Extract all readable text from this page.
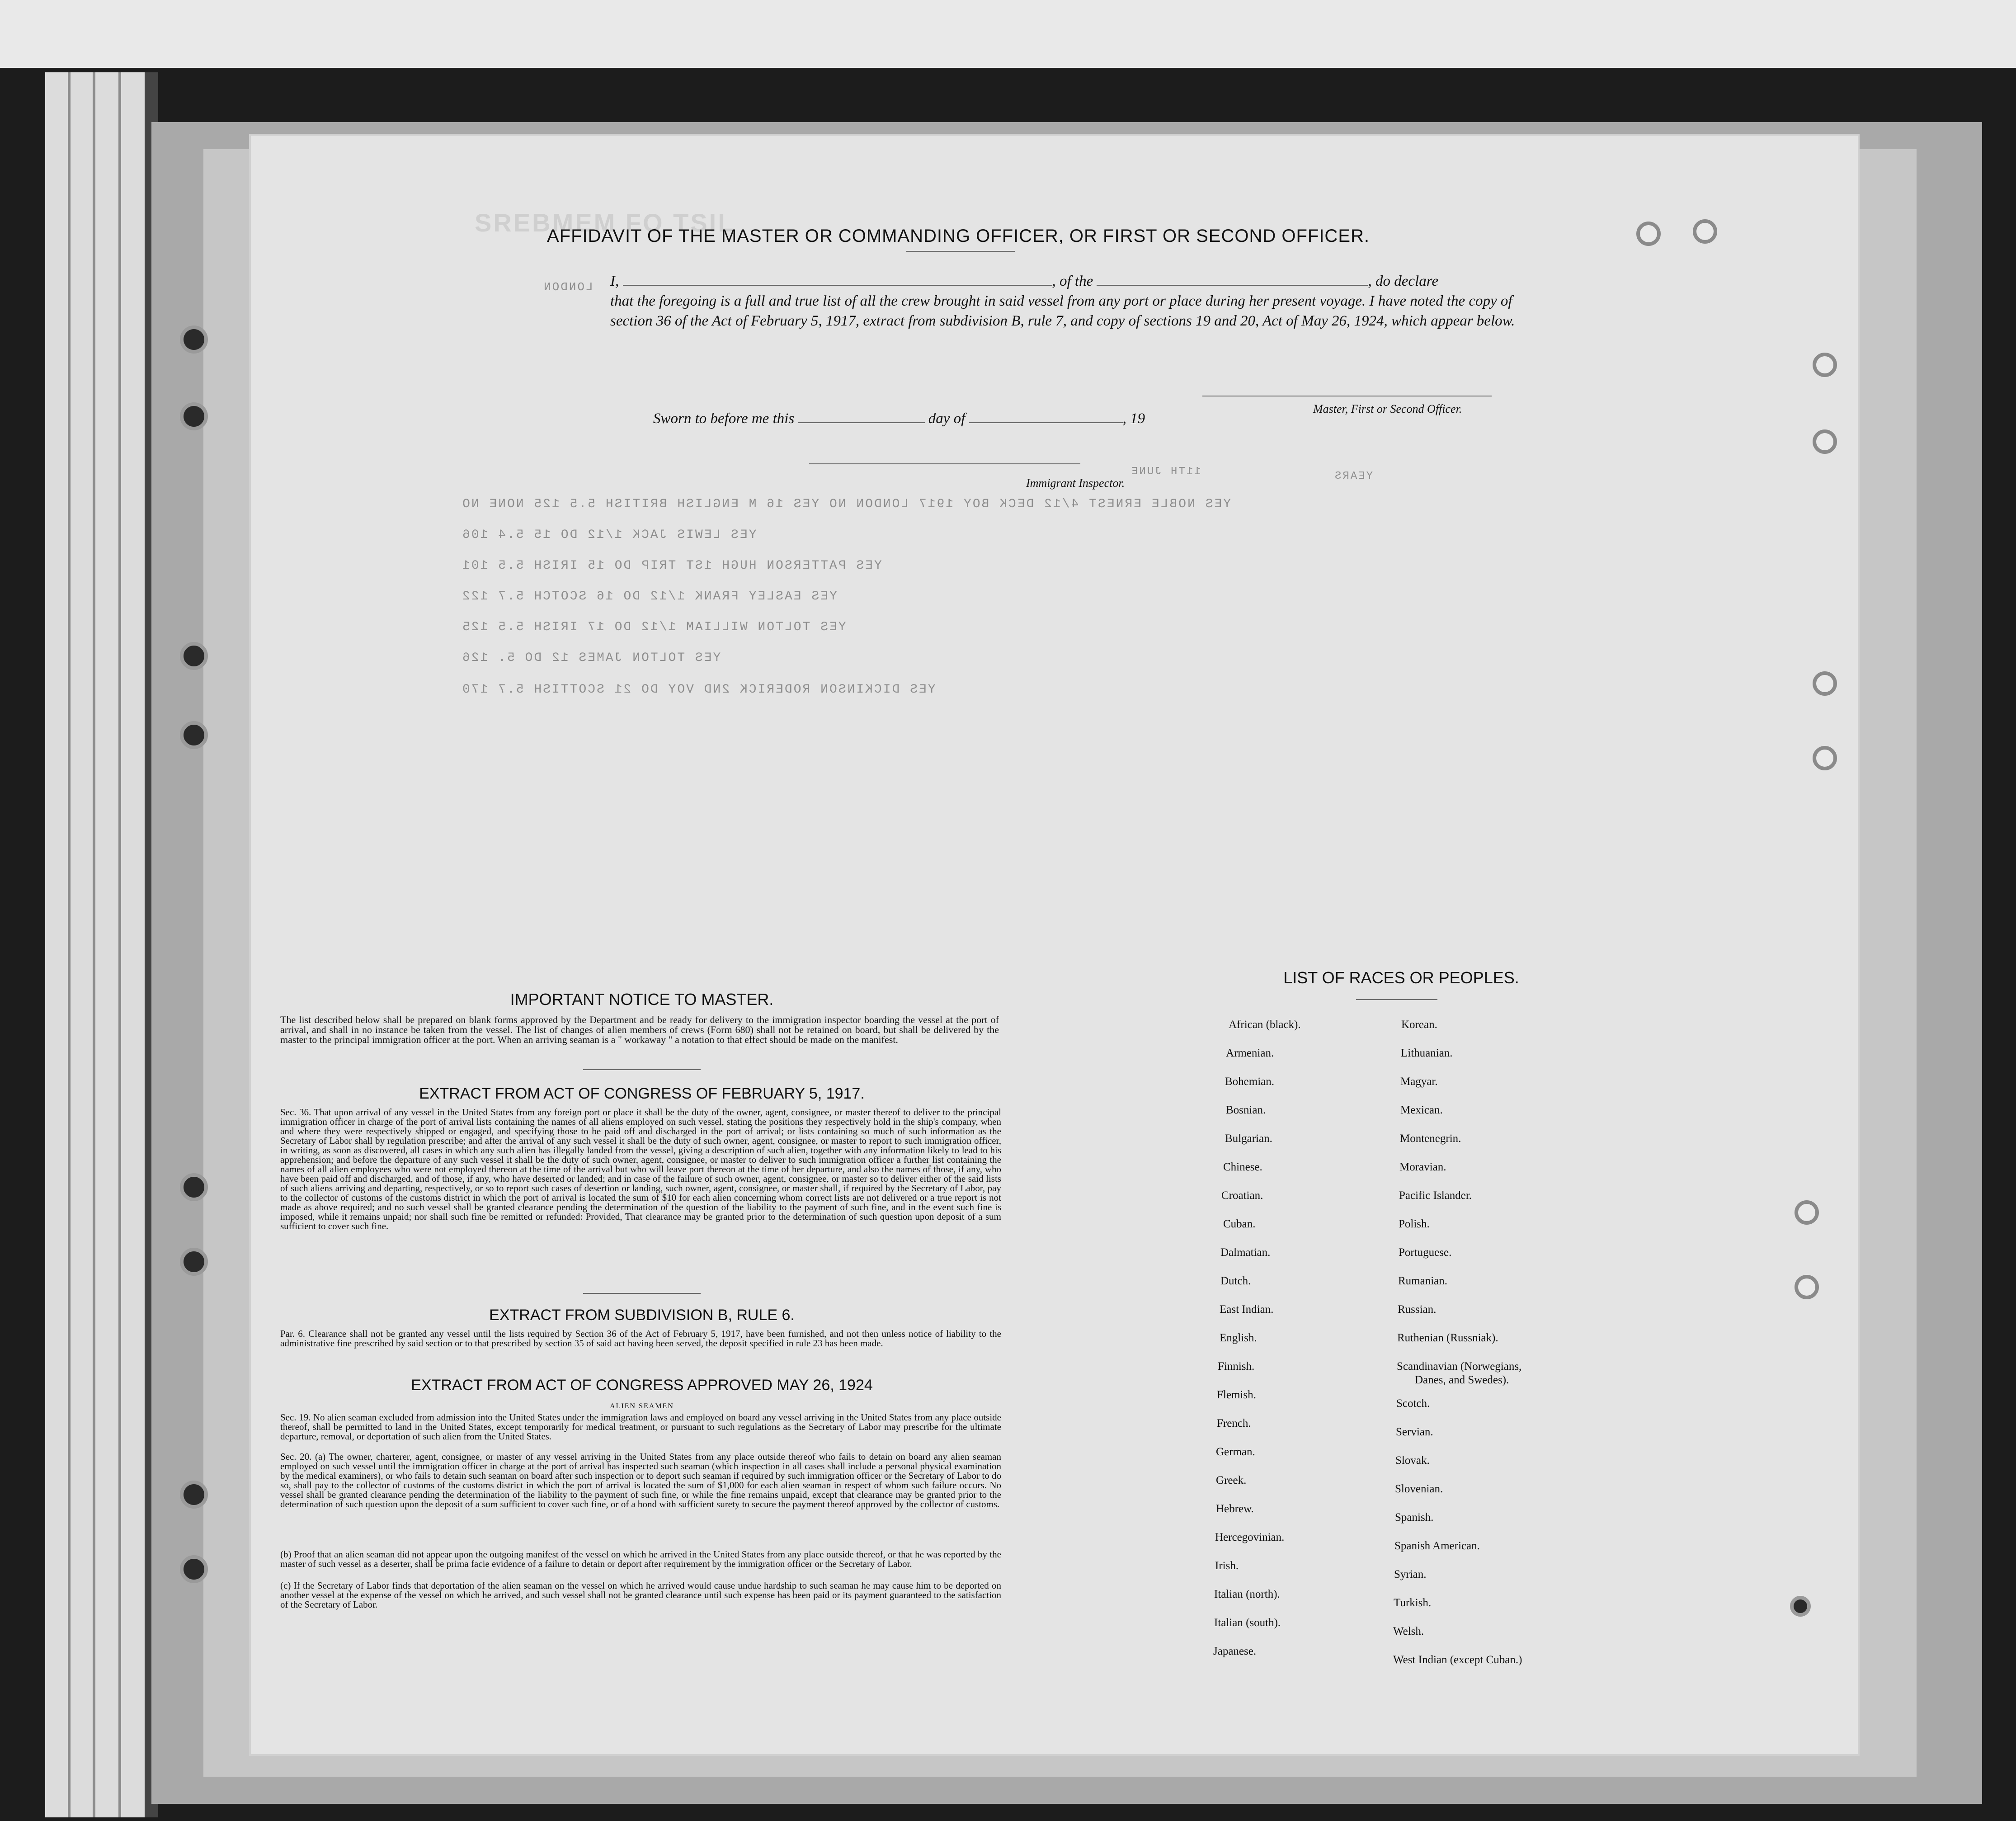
SREBMEM FO TSIL
AFFIDAVIT OF THE MASTER OR COMMANDING OFFICER, OR FIRST OR SECOND OFFICER.
I,	, of the	, do declare
that the foregoing is a full and true list of all the crew brought in said vessel from any port or place during her present voyage. I have noted the copy of section 36 of the Act of February 5, 1917, extract from subdivision B, rule 7, and copy of sections 19 and 20, Act of May 26, 1924, which appear below.
Sworn to before me this	day of	, 19
Master, First or Second Officer.
Immigrant Inspector.
LONDON
YEARS
11TH JUNE
YES NOBLE ERNEST 4/12 DECK BOY 1917 LONDON NO YES 16 M ENGLISH BRITISH 5.5 125 NONE NO
YES LEWIS JACK 1/12 DO 15 5.4 106
YES PATTERSON HUGH 1ST TRIP DO 15 IRISH 5.5 101
YES EASLEY FRANK 1/12 DO 16 SCOTCH 5.7 122
YES TOLTON WILLIAM 1/12 DO 17 IRISH 5.5 125
YES TOLTON JAMES 12 DO 5. 126
YES DICKINSON RODERICK 2ND VOY DO 21 SCOTTISH 5.7 170
IMPORTANT NOTICE TO MASTER.
The list described below shall be prepared on blank forms approved by the Department and be ready for delivery to the immigration inspector boarding the vessel at the port of arrival, and shall in no instance be taken from the vessel. The list of changes of alien members of crews (Form 680) shall not be retained on board, but shall be delivered by the master to the principal immigration officer at the port. When an arriving seaman is a " workaway " a notation to that effect should be made on the manifest.
EXTRACT FROM ACT OF CONGRESS OF FEBRUARY 5, 1917.
Sec. 36. That upon arrival of any vessel in the United States from any foreign port or place it shall be the duty of the owner, agent, consignee, or master thereof to deliver to the principal immigration officer in charge of the port of arrival lists containing the names of all aliens employed on such vessel, stating the positions they respectively hold in the ship's company, when and where they were respectively shipped or engaged, and specifying those to be paid off and discharged in the port of arrival; or lists containing so much of such information as the Secretary of Labor shall by regulation prescribe; and after the arrival of any such vessel it shall be the duty of such owner, agent, consignee, or master to report to such immigration officer, in writing, as soon as discovered, all cases in which any such alien has illegally landed from the vessel, giving a description of such alien, together with any information likely to lead to his apprehension; and before the departure of any such vessel it shall be the duty of such owner, agent, consignee, or master to deliver to such immigration officer a further list containing the names of all alien employees who were not employed thereon at the time of the arrival but who will leave port thereon at the time of her departure, and also the names of those, if any, who have been paid off and discharged, and of those, if any, who have deserted or landed; and in case of the failure of such owner, agent, consignee, or master so to deliver either of the said lists of such aliens arriving and departing, respectively, or so to report such cases of desertion or landing, such owner, agent, consignee, or master shall, if required by the Secretary of Labor, pay to the collector of customs of the customs district in which the port of arrival is located the sum of $10 for each alien concerning whom correct lists are not delivered or a true report is not made as above required; and no such vessel shall be granted clearance pending the determination of the question of the liability to the payment of such fine, and in the event such fine is imposed, while it remains unpaid; nor shall such fine be remitted or refunded: Provided, That clearance may be granted prior to the determination of such question upon deposit of a sum sufficient to cover such fine.
EXTRACT FROM SUBDIVISION B, RULE 6.
Par. 6. Clearance shall not be granted any vessel until the lists required by Section 36 of the Act of February 5, 1917, have been furnished, and not then unless notice of liability to the administrative fine prescribed by said section or to that prescribed by section 35 of said act having been served, the deposit specified in rule 23 has been made.
EXTRACT FROM ACT OF CONGRESS APPROVED MAY 26, 1924
ALIEN SEAMEN
Sec. 19. No alien seaman excluded from admission into the United States under the immigration laws and employed on board any vessel arriving in the United States from any place outside thereof, shall be permitted to land in the United States, except temporarily for medical treatment, or pursuant to such regulations as the Secretary of Labor may prescribe for the ultimate departure, removal, or deportation of such alien from the United States.
Sec. 20. (a) The owner, charterer, agent, consignee, or master of any vessel arriving in the United States from any place outside thereof who fails to detain on board any alien seaman employed on such vessel until the immigration officer in charge at the port of arrival has inspected such seaman (which inspection in all cases shall include a personal physical examination by the medical examiners), or who fails to detain such seaman on board after such inspection or to deport such seaman if required by such immigration officer or the Secretary of Labor to do so, shall pay to the collector of customs of the customs district in which the port of arrival is located the sum of $1,000 for each alien seaman in respect of whom such failure occurs. No vessel shall be granted clearance pending the determination of the liability to the payment of such fine, or while the fine remains unpaid, except that clearance may be granted prior to the determination of such question upon the deposit of a sum sufficient to cover such fine, or of a bond with sufficient surety to secure the payment thereof approved by the collector of customs.
(b) Proof that an alien seaman did not appear upon the outgoing manifest of the vessel on which he arrived in the United States from any place outside thereof, or that he was reported by the master of such vessel as a deserter, shall be prima facie evidence of a failure to detain or deport after requirement by the immigration officer or the Secretary of Labor.
(c) If the Secretary of Labor finds that deportation of the alien seaman on the vessel on which he arrived would cause undue hardship to such seaman he may cause him to be deported on another vessel at the expense of the vessel on which he arrived, and such vessel shall not be granted clearance until such expense has been paid or its payment guaranteed to the satisfaction of the Secretary of Labor.
LIST OF RACES OR PEOPLES.
African (black).
Armenian.
Bohemian.
Bosnian.
Bulgarian.
Chinese.
Croatian.
Cuban.
Dalmatian.
Dutch.
East Indian.
English.
Finnish.
Flemish.
French.
German.
Greek.
Hebrew.
Hercegovinian.
Irish.
Italian (north).
Italian (south).
Japanese.
Korean.
Lithuanian.
Magyar.
Mexican.
Montenegrin.
Moravian.
Pacific Islander.
Polish.
Portuguese.
Rumanian.
Russian.
Ruthenian (Russniak).
Scandinavian (Norwegians,
Danes, and Swedes).
Scotch.
Servian.
Slovak.
Slovenian.
Spanish.
Spanish American.
Syrian.
Turkish.
Welsh.
West Indian (except Cuban.)
